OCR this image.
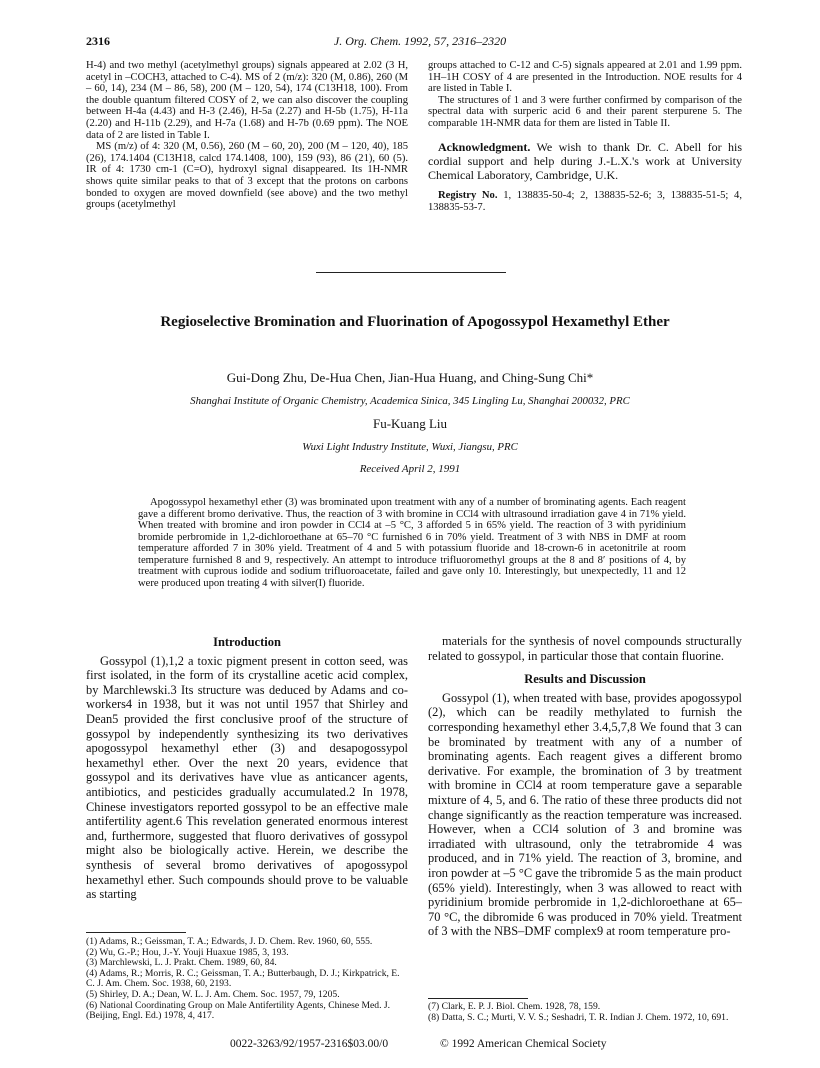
2316	J. Org. Chem. 1992, 57, 2316–2320

H-4) and two methyl (acetylmethyl groups) signals appeared at 2.02 (3 H, acetyl in –COCH3, attached to C-4). MS of 2 (m/z): 320 (M, 0.86), 260 (M – 60, 14), 234 (M – 86, 58), 200 (M – 120, 54), 174 (C13H18, 100). From the double quantum filtered COSY of 2, we can also discover the coupling between H-4a (4.43) and H-3 (2.46), H-5a (2.27) and H-5b (1.75), H-11a (2.20) and H-11b (2.29), and H-7a (1.68) and H-7b (0.69 ppm). The NOE data of 2 are listed in Table I.

MS (m/z) of 4: 320 (M, 0.56), 260 (M – 60, 20), 200 (M – 120, 40), 185 (26), 174.1404 (C13H18, calcd 174.1408, 100), 159 (93), 86 (21), 60 (5). IR of 4: 1730 cm-1 (C=O), hydroxyl signal disappeared. Its 1H-NMR shows quite similar peaks to that of 3 except that the protons on carbons bonded to oxygen are moved downfield (see above) and the two methyl groups (acetylmethyl

groups attached to C-12 and C-5) signals appeared at 2.01 and 1.99 ppm. 1H–1H COSY of 4 are presented in the Introduction. NOE results for 4 are listed in Table I.

The structures of 1 and 3 were further confirmed by comparison of the spectral data with surperic acid 6 and their parent sterpurene 5. The comparable 1H-NMR data for them are listed in Table II.

Acknowledgment. We wish to thank Dr. C. Abell for his cordial support and help during J.-L.X.'s work at University Chemical Laboratory, Cambridge, U.K.

Registry No. 1, 138835-50-4; 2, 138835-52-6; 3, 138835-51-5; 4, 138835-53-7.

Regioselective Bromination and Fluorination of Apogossypol Hexamethyl Ether
Gui-Dong Zhu, De-Hua Chen, Jian-Hua Huang, and Ching-Sung Chi*
Shanghai Institute of Organic Chemistry, Academica Sinica, 345 Lingling Lu, Shanghai 200032, PRC
Fu-Kuang Liu
Wuxi Light Industry Institute, Wuxi, Jiangsu, PRC
Received April 2, 1991
Apogossypol hexamethyl ether (3) was brominated upon treatment with any of a number of brominating agents. Each reagent gave a different bromo derivative. Thus, the reaction of 3 with bromine in CCl4 with ultrasound irradiation gave 4 in 71% yield. When treated with bromine and iron powder in CCl4 at –5 °C, 3 afforded 5 in 65% yield. The reaction of 3 with pyridinium bromide perbromide in 1,2-dichloroethane at 65–70 °C furnished 6 in 70% yield. Treatment of 3 with NBS in DMF at room temperature afforded 7 in 30% yield. Treatment of 4 and 5 with potassium fluoride and 18-crown-6 in acetonitrile at room temperature furnished 8 and 9, respectively. An attempt to introduce trifluoromethyl groups at the 8 and 8′ positions of 4, by treatment with cuprous iodide and sodium trifluoroacetate, failed and gave only 10. Interestingly, but unexpectedly, 11 and 12 were produced upon treating 4 with silver(I) fluoride.
Introduction

Gossypol (1),1,2 a toxic pigment present in cotton seed, was first isolated, in the form of its crystalline acetic acid complex, by Marchlewski.3 Its structure was deduced by Adams and co-workers4 in 1938, but it was not until 1957 that Shirley and Dean5 provided the first conclusive proof of the structure of gossypol by independently synthesizing its two derivatives apogossypol hexamethyl ether (3) and desapogossypol hexamethyl ether. Over the next 20 years, evidence that gossypol and its derivatives have vlue as anticancer agents, antibiotics, and pesticides gradually accumulated.2 In 1978, Chinese investigators reported gossypol to be an effective male antifertility agent.6 This revelation generated enormous interest and, furthermore, suggested that fluoro derivatives of gossypol might also be biologically active. Herein, we describe the synthesis of several bromo derivatives of apogossypol hexamethyl ether. Such compounds should prove to be valuable as starting

materials for the synthesis of novel compounds structurally related to gossypol, in particular those that contain fluorine.

Results and Discussion

Gossypol (1), when treated with base, provides apogossypol (2), which can be readily methylated to furnish the corresponding hexamethyl ether 3.4,5,7,8 We found that 3 can be brominated by treatment with any of a number of brominating agents. Each reagent gives a different bromo derivative. For example, the bromination of 3 by treatment with bromine in CCl4 at room temperature gave a separable mixture of 4, 5, and 6. The ratio of these three products did not change significantly as the reaction temperature was increased. However, when a CCl4 solution of 3 and bromine was irradiated with ultrasound, only the tetrabromide 4 was produced, and in 71% yield. The reaction of 3, bromine, and iron powder at –5 °C gave the tribromide 5 as the main product (65% yield). Interestingly, when 3 was allowed to react with pyridinium bromide perbromide in 1,2-dichloroethane at 65–70 °C, the dibromide 6 was produced in 70% yield. Treatment of 3 with the NBS–DMF complex9 at room temperature pro-

(1) Adams, R.; Geissman, T. A.; Edwards, J. D. Chem. Rev. 1960, 60, 555.
(2) Wu, G.-P.; Hou, J.-Y. Youji Huaxue 1985, 3, 193.
(3) Marchlewski, L. J. Prakt. Chem. 1989, 60, 84.
(4) Adams, R.; Morris, R. C.; Geissman, T. A.; Butterbaugh, D. J.; Kirkpatrick, E. C. J. Am. Chem. Soc. 1938, 60, 2193.
(5) Shirley, D. A.; Dean, W. L. J. Am. Chem. Soc. 1957, 79, 1205.
(6) National Coordinating Group on Male Antifertility Agents, Chinese Med. J. (Beijing, Engl. Ed.) 1978, 4, 417.
(7) Clark, E. P. J. Biol. Chem. 1928, 78, 159.
(8) Datta, S. C.; Murti, V. V. S.; Seshadri, T. R. Indian J. Chem. 1972, 10, 691.
0022-3263/92/1957-2316$03.00/0	© 1992 American Chemical Society
